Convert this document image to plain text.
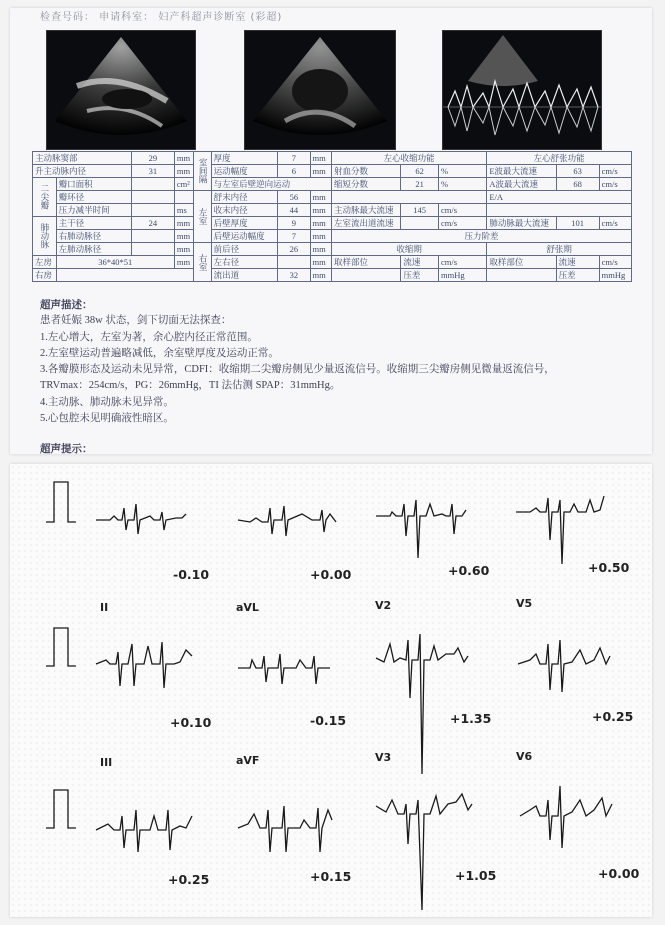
检查号码： 申请科室： 妇产科超声诊断室 (彩超)
主动脉窦部		29	mm	室间隔	厚度	7	mm	左心收缩功能			左心舒张功能		
升主动脉内径		31	mm		运动幅度	6	mm	射血分数	62	%	E波最大流速	63	cm/s
二尖瓣	瓣口面积		cm²		与左室后壁逆向运动			缩短分数	21	%	A波最大流速	68	cm/s
	瓣环径			左室	舒末内径	56	mm				E/A		
	压力减半时间		ms		收末内径	44	mm	主动脉最大流速	145	cm/s			
肺动脉	主干径	24	mm		后壁厚度	9	mm	左室流出道流速		cm/s	肺动脉最大流速	101	cm/s
	右肺动脉径		mm		后壁运动幅度	7	mm	压力阶差					
	左肺动脉径		mm	右室	前后径	26	mm	收缩期			舒张期		
左房	36*40*51		mm		左右径		mm	取样部位	流速	cm/s	取样部位	流速	cm/s
右房					流出道	32	mm		压差	mmHg		压差	mmHg
超声描述：
患者妊娠 38w 状态，剑下切面无法探查：
1.左心增大，左室为著，余心腔内径正常范围。
2.左室壁运动普遍略减低，余室壁厚度及运动正常。
3.各瓣膜形态及运动未见异常，CDFI：收缩期二尖瓣房侧见少量返流信号。收缩期三尖瓣房侧见微量返流信号，
TRVmax：254cm/s，PG：26mmHg，TI 法估测 SPAP：31mmHg。
4.主动脉、肺动脉未见异常。
5.心包腔未见明确液性暗区。
超声提示：
-0.10	+0.00	+0.60	+0.50
II	aVL	V2	V5
+0.10	-0.15	+1.35	+0.25
III	aVF	V3	V6
+0.25	+0.15	+1.05	+0.00
